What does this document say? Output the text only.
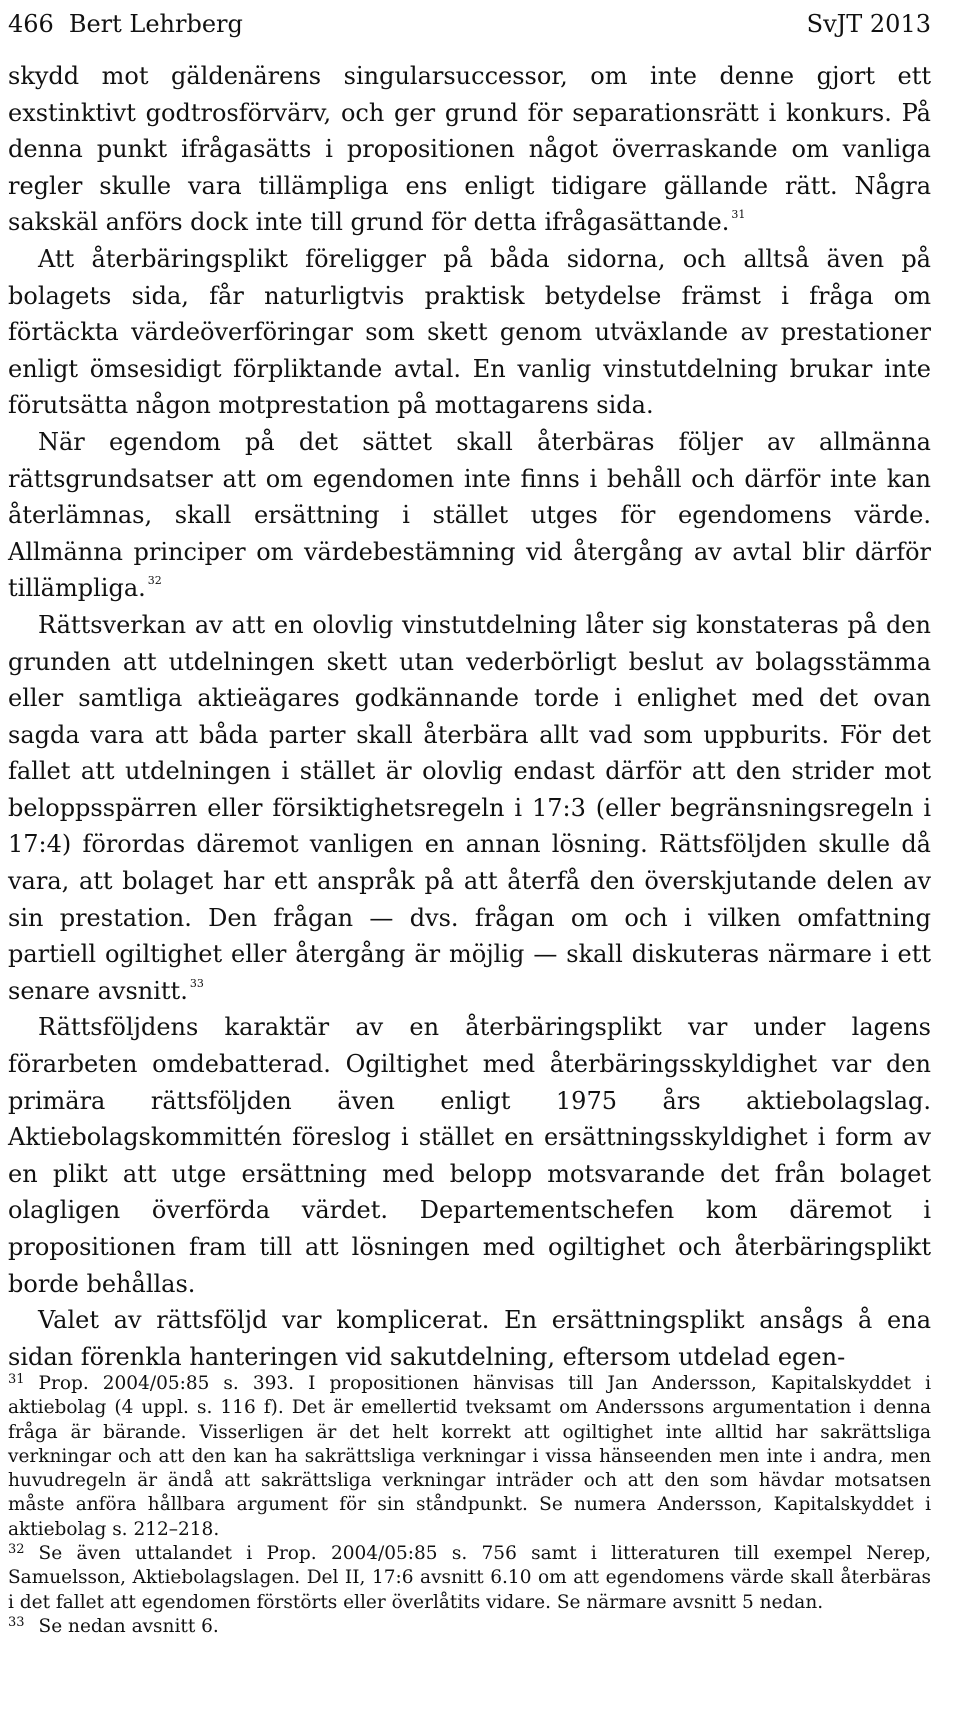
466 Bert Lehrberg	SvJT 2013

skydd mot gäldenärens singularsuccessor, om inte denne gjort ett exstinktivt godtrosförvärv, och ger grund för separationsrätt i konkurs. På denna punkt ifrågasätts i propositionen något överraskande om vanliga regler skulle vara tillämpliga ens enligt tidigare gällande rätt. Några sakskäl anförs dock inte till grund för detta ifrågasättande. $^{31}$

Att återbäringsplikt föreligger på båda sidorna, och alltså även på bolagets sida, får naturligtvis praktisk betydelse främst i fråga om förtäckta värdeöverföringar som skett genom utväxlande av prestationer enligt ömsesidigt förpliktande avtal. En vanlig vinstutdelning brukar inte förutsätta någon motprestation på mottagarens sida.

När egendom på det sättet skall återbäras följer av allmänna rättsgrundsatser att om egendomen inte finns i behåll och därför inte kan återlämnas, skall ersättning i stället utges för egendomens värde. Allmänna principer om värdebestämning vid återgång av avtal blir därför tillämpliga. $^{32}$

Rättsverkan av att en olovlig vinstutdelning låter sig konstateras på den grunden att utdelningen skett utan vederbörligt beslut av bolagsstämma eller samtliga aktieägares godkännande torde i enlighet med det ovan sagda vara att båda parter skall återbära allt vad som uppburits. För det fallet att utdelningen i stället är olovlig endast därför att den strider mot beloppsspärren eller försiktighetsregeln i 17:3 (eller begränsningsregeln i 17:4) förordas däremot vanligen en annan lösning. Rättsföljden skulle då vara, att bolaget har ett anspråk på att återfå den överskjutande delen av sin prestation. Den frågan — dvs. frågan om och i vilken omfattning partiell ogiltighet eller återgång är möjlig — skall diskuteras närmare i ett senare avsnitt. $^{33}$

Rättsföljdens karaktär av en återbäringsplikt var under lagens förarbeten omdebatterad. Ogiltighet med återbäringsskyldighet var den primära rättsföljden även enligt 1975 års aktiebolagslag. Aktiebolagskommittén föreslog i stället en ersättningsskyldighet i form av en plikt att utge ersättning med belopp motsvarande det från bolaget olagligen överförda värdet. Departementschefen kom däremot i propositionen fram till att lösningen med ogiltighet och återbäringsplikt borde behållas.

Valet av rättsföljd var komplicerat. En ersättningsplikt ansågs å ena sidan förenkla hanteringen vid sakutdelning, eftersom utdelad egen-

$^{31}$ Prop. 2004/05:85 s. 393. I propositionen hänvisas till Jan Andersson, Kapitalskyddet i aktiebolag (4 uppl. s. 116 f). Det är emellertid tveksamt om Anderssons argumentation i denna fråga är bärande. Visserligen är det helt korrekt att ogiltighet inte alltid har sakrättsliga verkningar och att den kan ha sakrättsliga verkningar i vissa hänseenden men inte i andra, men huvudregeln är ändå att sakrättsliga verkningar inträder och att den som hävdar motsatsen måste anföra hållbara argument för sin ståndpunkt. Se numera Andersson, Kapitalskyddet i aktiebolag s. 212–218.

$^{32}$ Se även uttalandet i Prop. 2004/05:85 s. 756 samt i litteraturen till exempel Nerep, Samuelsson, Aktiebolagslagen. Del II, 17:6 avsnitt 6.10 om att egendomens värde skall återbäras i det fallet att egendomen förstörts eller överlåtits vidare. Se närmare avsnitt 5 nedan.

$^{33}$ Se nedan avsnitt 6.
